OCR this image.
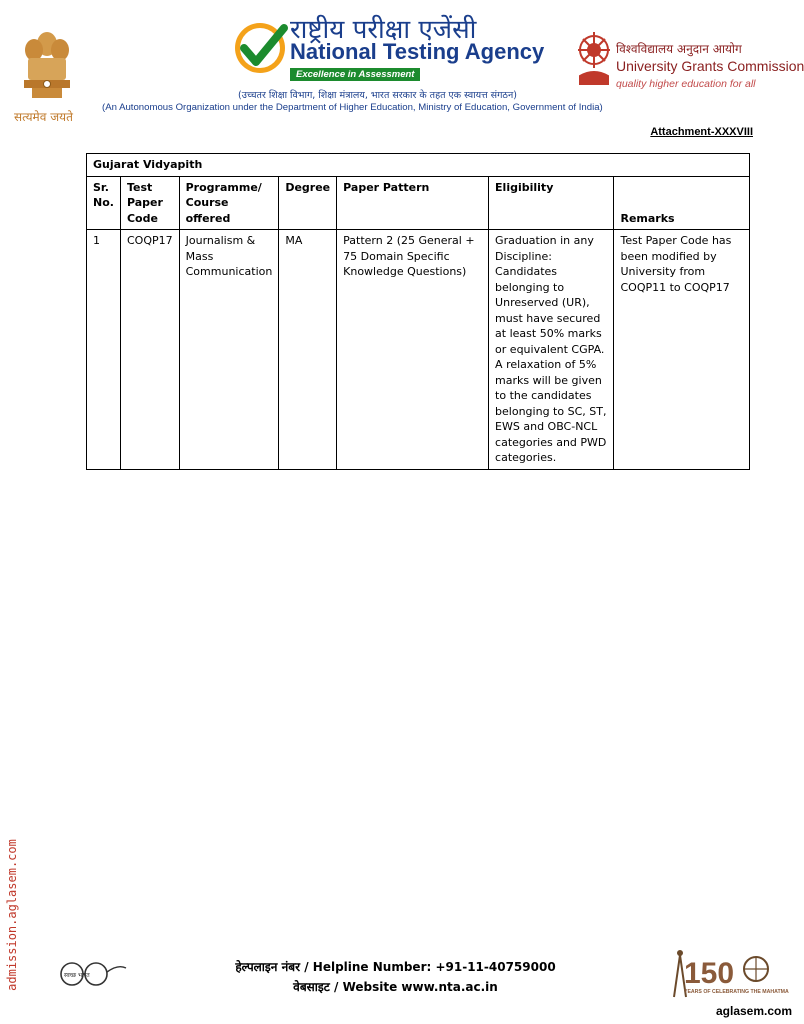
सत्यमेव जयते
राष्ट्रीय परीक्षा एजेंसी
National Testing Agency
Excellence in Assessment
(उच्चतर शिक्षा विभाग, शिक्षा मंत्रालय, भारत सरकार के तहत एक स्वायत्त संगठन)
(An Autonomous Organization under the Department of Higher Education, Ministry of Education, Government of India)
विश्वविद्यालय अनुदान आयोग
University Grants Commission
quality higher education for all
Attachment-XXXVIII
Gujarat Vidyapith						
Sr. No.	Test Paper Code	Programme/ Course offered	Degree	Paper Pattern	Eligibility	Remarks
1	COQP17	Journalism & Mass Communication	MA	Pattern 2 (25 General + 75 Domain Specific Knowledge Questions)	Graduation in any Discipline: Candidates belonging to Unreserved (UR), must have secured at least 50% marks or equivalent CGPA. A relaxation of 5% marks will be given to the candidates belonging to SC, ST, EWS and OBC-NCL categories and PWD categories.	Test Paper Code has been modified by University from COQP11 to COQP17
admission.aglasem.com	स्वच्छ भारत
हेल्पलाइन नंबर / Helpline Number: +91-11-40759000
वेबसाइट / Website www.nta.ac.in	150
YEARS OF CELEBRATING THE MAHATMA
aglasem.com
